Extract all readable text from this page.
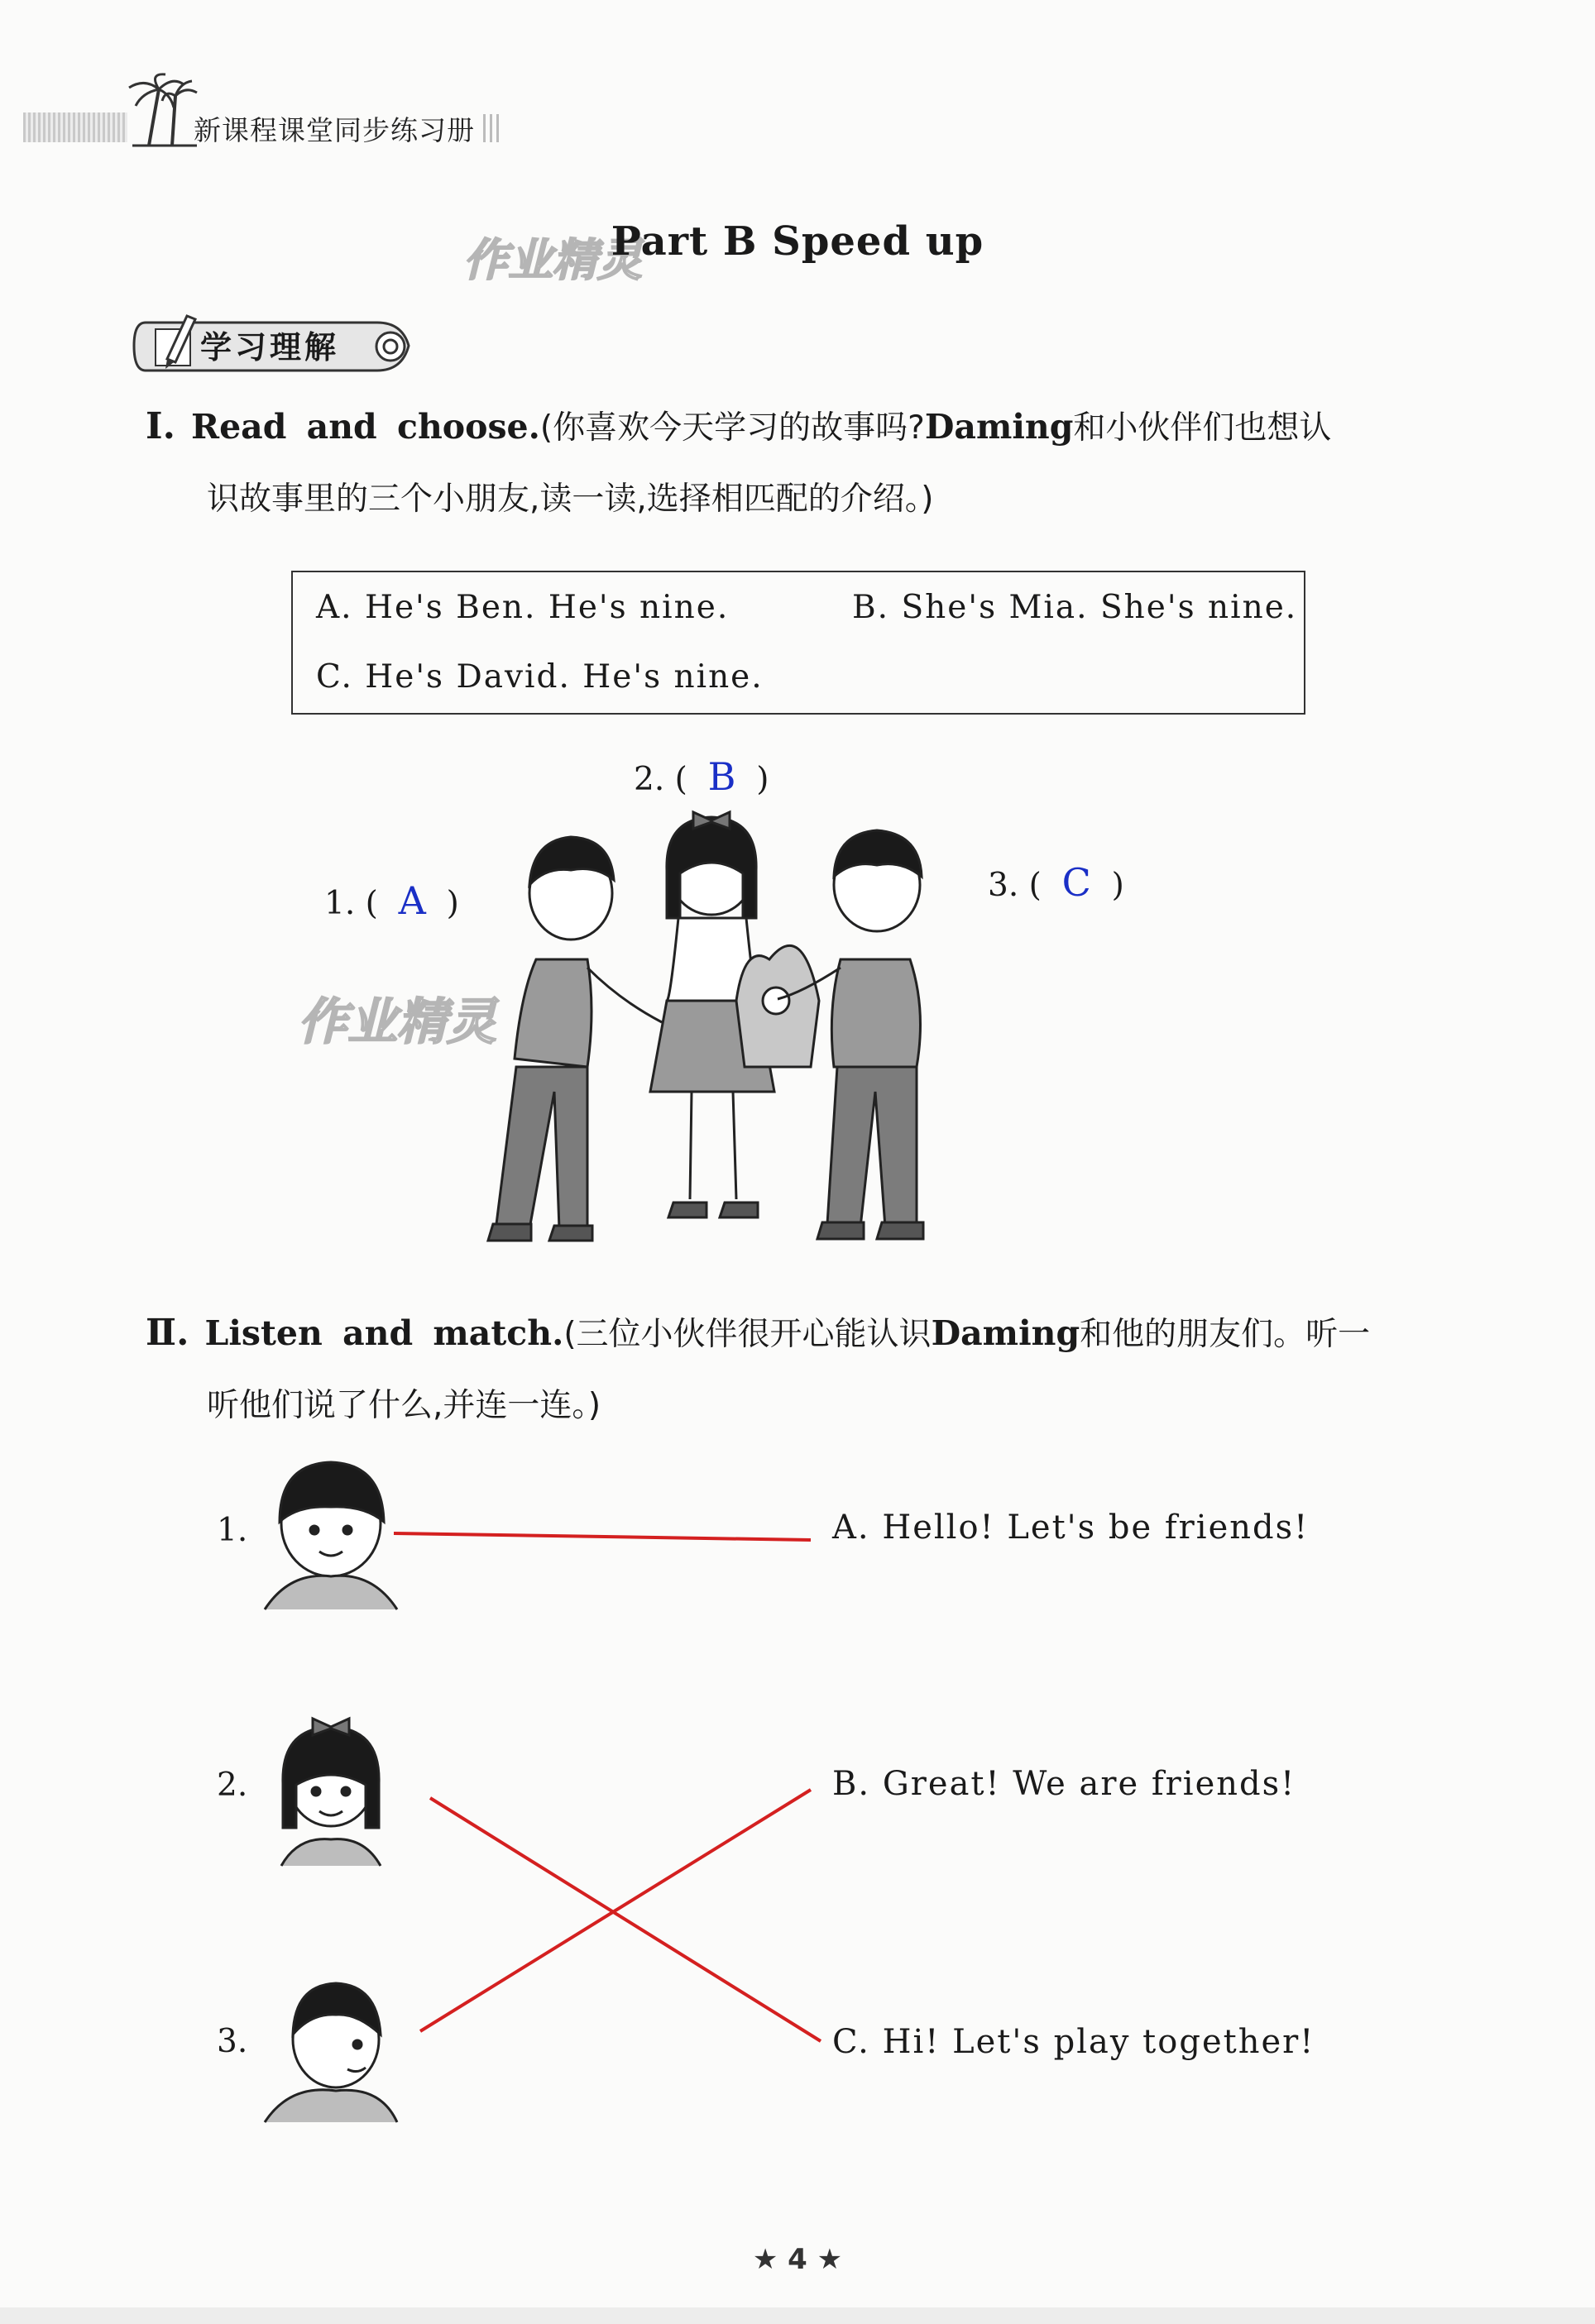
新课程课堂同步练习册
作业精灵
Part B Speed up
学习理解
Ⅰ. Read and choose.(你喜欢今天学习的故事吗?Daming和小伙伴们也想认
识故事里的三个小朋友,读一读,选择相匹配的介绍。)
A. He's Ben. He's nine.	B. She's Mia. She's nine.
C. He's David. He's nine.
1. (  A  )
2. (  B  )
3. (  C  )
作业精灵
Ⅱ. Listen and match.(三位小伙伴很开心能认识Daming和他的朋友们。听一
听他们说了什么,并连一连。)
1.
2.
3.
A. Hello! Let's be friends!
B. Great! We are friends!
C. Hi! Let's play together!
★ 4 ★
